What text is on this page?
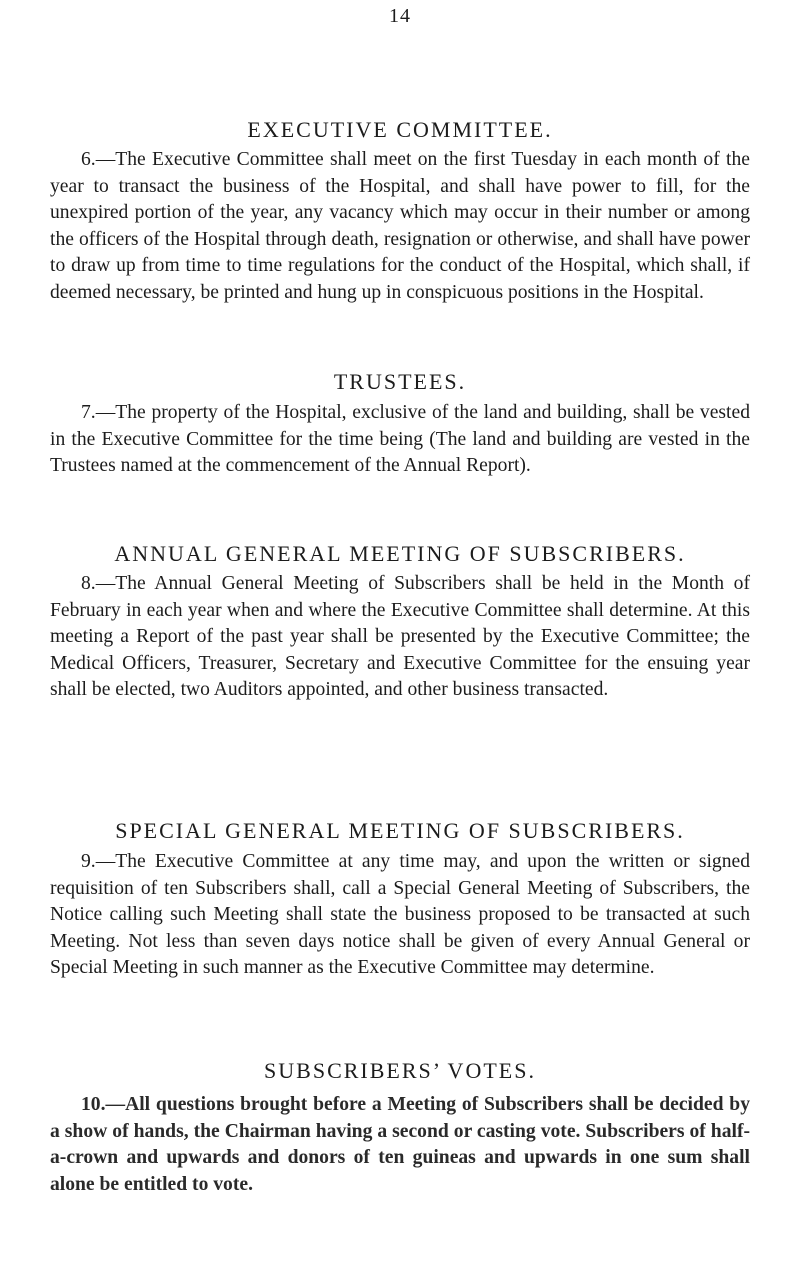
14
EXECUTIVE COMMITTEE.
6.—The Executive Committee shall meet on the first Tuesday in each month of the year to transact the business of the Hospital, and shall have power to fill, for the unexpired portion of the year, any vacancy which may occur in their number or among the officers of the Hospital through death, resignation or otherwise, and shall have power to draw up from time to time regulations for the conduct of the Hospital, which shall, if deemed necessary, be printed and hung up in conspicuous positions in the Hospital.
TRUSTEES.
7.—The property of the Hospital, exclusive of the land and building, shall be vested in the Executive Committee for the time being (The land and building are vested in the Trustees named at the commencement of the Annual Report).
ANNUAL GENERAL MEETING OF SUBSCRIBERS.
8.—The Annual General Meeting of Subscribers shall be held in the Month of February in each year when and where the Executive Committee shall determine. At this meeting a Report of the past year shall be presented by the Executive Committee; the Medical Officers, Treasurer, Secretary and Executive Committee for the ensuing year shall be elected, two Auditors appointed, and other business transacted.
SPECIAL GENERAL MEETING OF SUBSCRIBERS.
9.—The Executive Committee at any time may, and upon the written or signed requisition of ten Subscribers shall, call a Special General Meeting of Subscribers, the Notice calling such Meeting shall state the business proposed to be transacted at such Meeting. Not less than seven days notice shall be given of every Annual General or Special Meeting in such manner as the Executive Committee may determine.
SUBSCRIBERS’ VOTES.
10.—All questions brought before a Meeting of Subscribers shall be decided by a show of hands, the Chairman having a second or casting vote. Subscribers of half-a-crown and upwards and donors of ten guineas and upwards in one sum shall alone be entitled to vote.
